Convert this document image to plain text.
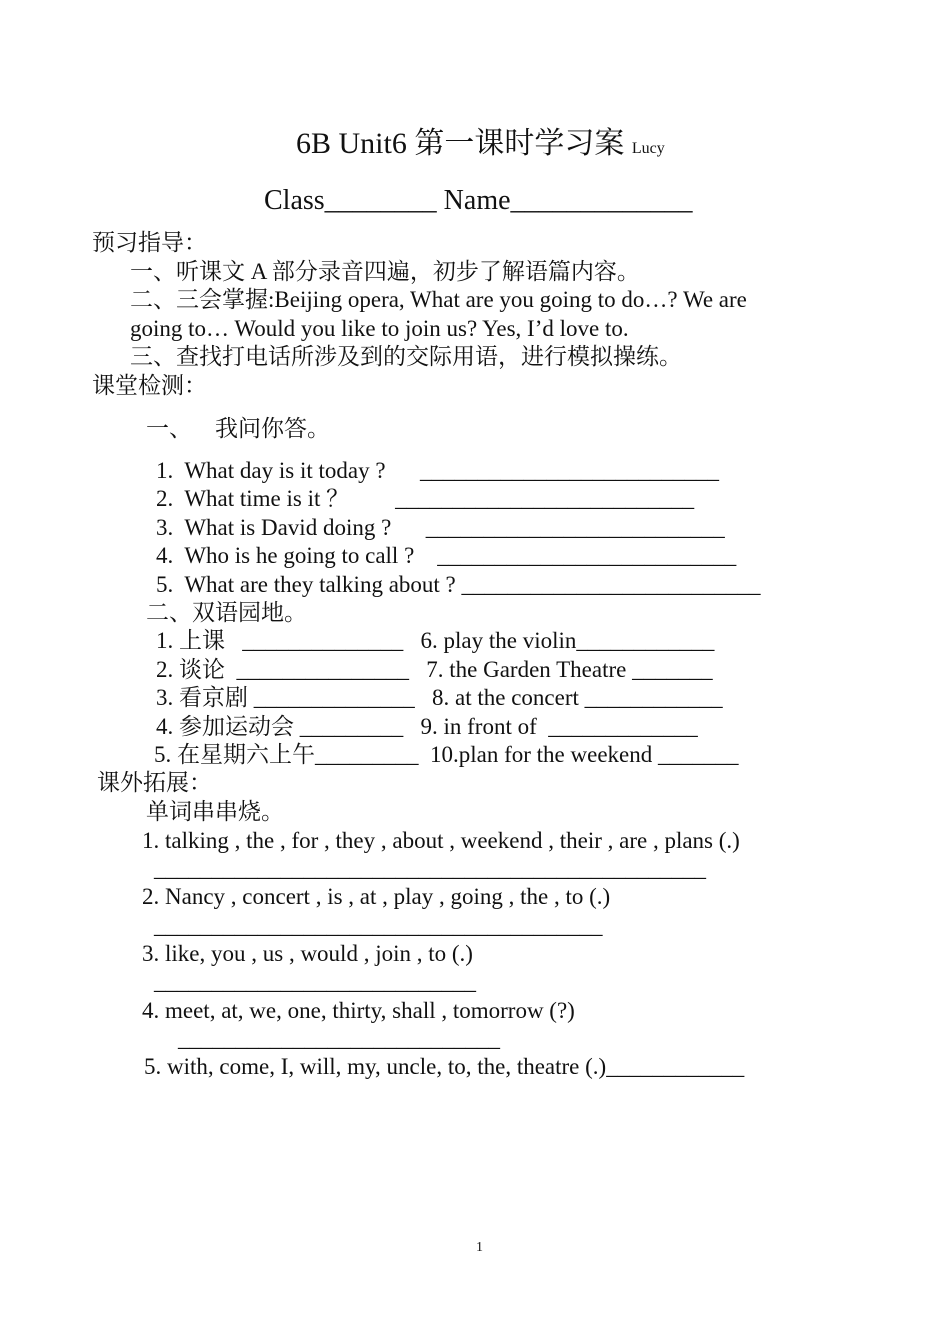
6B Unit6 第一课时学习案 Lucy
Class________ Name_____________
预习指导：
一、听课文 A 部分录音四遍，初步了解语篇内容。
二、三会掌握:Beijing opera, What are you going to do…? We are
going to… Would you like to join us? Yes, I’d love to.
三、查找打电话所涉及到的交际用语，进行模拟操练。
课堂检测：
一、    我问你答。
1.  What day is it today ?      __________________________
2.  What time is it ？        __________________________
3.  What is David doing ?      __________________________
4.  Who is he going to call ?    __________________________
5.  What are they talking about ? __________________________
二、双语园地。
1. 上课   ______________   6. play the violin____________
2. 谈论  _______________   7. the Garden Theatre _______
3. 看京剧 ______________   8. at the concert ____________
4. 参加运动会 _________   9. in front of  _____________
5. 在星期六上午_________  10.plan for the weekend _______
课外拓展：
单词串串烧。
1. talking , the , for , they , about , weekend , their , are , plans (.)
________________________________________________
2. Nancy , concert , is , at , play , going , the , to (.)
_______________________________________
3. like, you , us , would , join , to (.)
____________________________
4. meet, at, we, one, thirty, shall , tomorrow (?)
____________________________
5. with, come, I, will, my, uncle, to, the, theatre (.)____________
1
